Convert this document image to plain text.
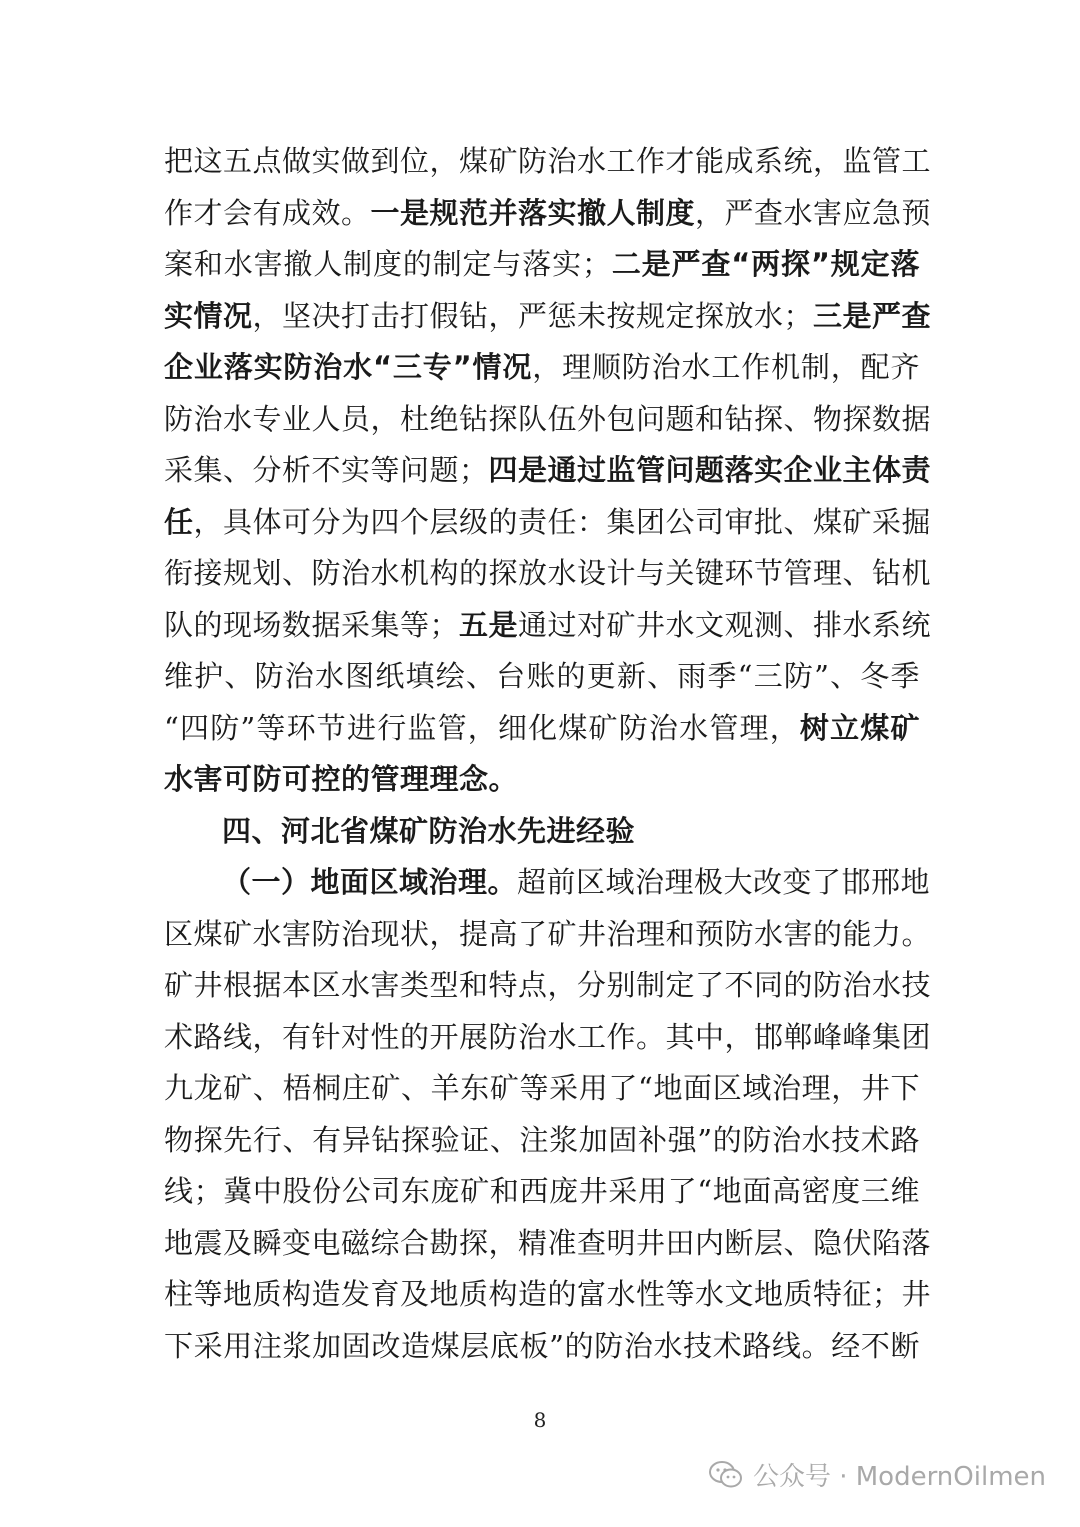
把这五点做实做到位，煤矿防治水工作才能成系统，监管工
作才会有成效。一是规范并落实撤人制度，严查水害应急预
案和水害撤人制度的制定与落实；二是严查“两探”规定落
实情况，坚决打击打假钻，严惩未按规定探放水；三是严查
企业落实防治水“三专”情况，理顺防治水工作机制，配齐
防治水专业人员，杜绝钻探队伍外包问题和钻探、物探数据
采集、分析不实等问题；四是通过监管问题落实企业主体责
任，具体可分为四个层级的责任：集团公司审批、煤矿采掘
衔接规划、防治水机构的探放水设计与关键环节管理、钻机
队的现场数据采集等；五是通过对矿井水文观测、排水系统
维护、防治水图纸填绘、台账的更新、雨季“三防”、冬季
“四防”等环节进行监管，细化煤矿防治水管理，树立煤矿
水害可防可控的管理理念。
四、河北省煤矿防治水先进经验
（一）地面区域治理。超前区域治理极大改变了邯邢地
区煤矿水害防治现状，提高了矿井治理和预防水害的能力。
矿井根据本区水害类型和特点，分别制定了不同的防治水技
术路线，有针对性的开展防治水工作。其中，邯郸峰峰集团
九龙矿、梧桐庄矿、羊东矿等采用了“地面区域治理，井下
物探先行、有异钻探验证、注浆加固补强”的防治水技术路
线；冀中股份公司东庞矿和西庞井采用了“地面高密度三维
地震及瞬变电磁综合勘探，精准查明井田内断层、隐伏陷落
柱等地质构造发育及地质构造的富水性等水文地质特征；井
下采用注浆加固改造煤层底板”的防治水技术路线。经不断
8
公众号 · ModernOilmen
